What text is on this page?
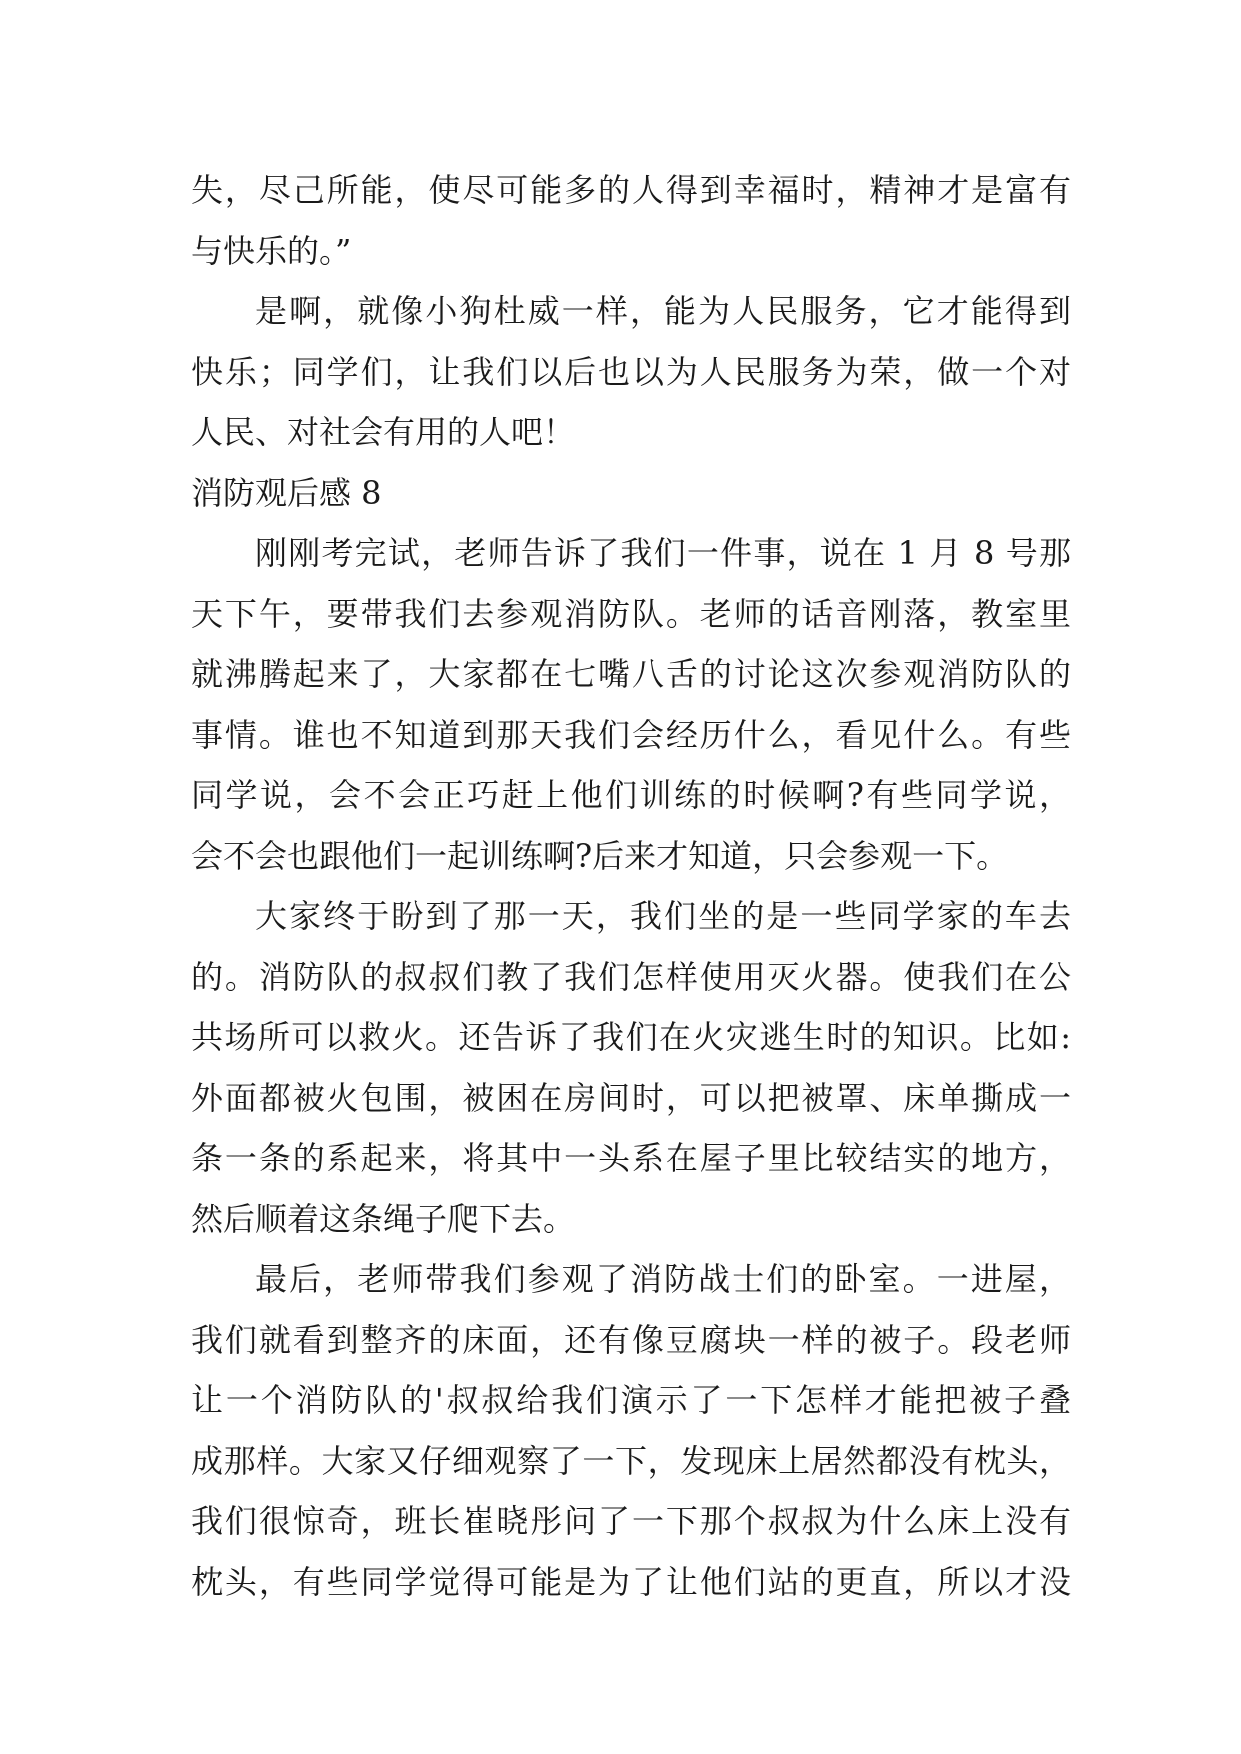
失，尽己所能，使尽可能多的人得到幸福时，精神才是富有
与快乐的。”
是啊，就像小狗杜威一样，能为人民服务，它才能得到
快乐；同学们，让我们以后也以为人民服务为荣，做一个对
人民、对社会有用的人吧！
消防观后感 8
刚刚考完试，老师告诉了我们一件事，说在 1 月 8 号那
天下午，要带我们去参观消防队。老师的话音刚落，教室里
就沸腾起来了，大家都在七嘴八舌的讨论这次参观消防队的
事情。谁也不知道到那天我们会经历什么，看见什么。有些
同学说，会不会正巧赶上他们训练的时候啊?有些同学说，
会不会也跟他们一起训练啊?后来才知道，只会参观一下。
大家终于盼到了那一天，我们坐的是一些同学家的车去
的。消防队的叔叔们教了我们怎样使用灭火器。使我们在公
共场所可以救火。还告诉了我们在火灾逃生时的知识。比如:
外面都被火包围，被困在房间时，可以把被罩、床单撕成一
条一条的系起来，将其中一头系在屋子里比较结实的地方，
然后顺着这条绳子爬下去。
最后，老师带我们参观了消防战士们的卧室。一进屋，
我们就看到整齐的床面，还有像豆腐块一样的被子。段老师
让一个消防队的'叔叔给我们演示了一下怎样才能把被子叠
成那样。大家又仔细观察了一下，发现床上居然都没有枕头，
我们很惊奇，班长崔晓彤问了一下那个叔叔为什么床上没有
枕头，有些同学觉得可能是为了让他们站的更直，所以才没
